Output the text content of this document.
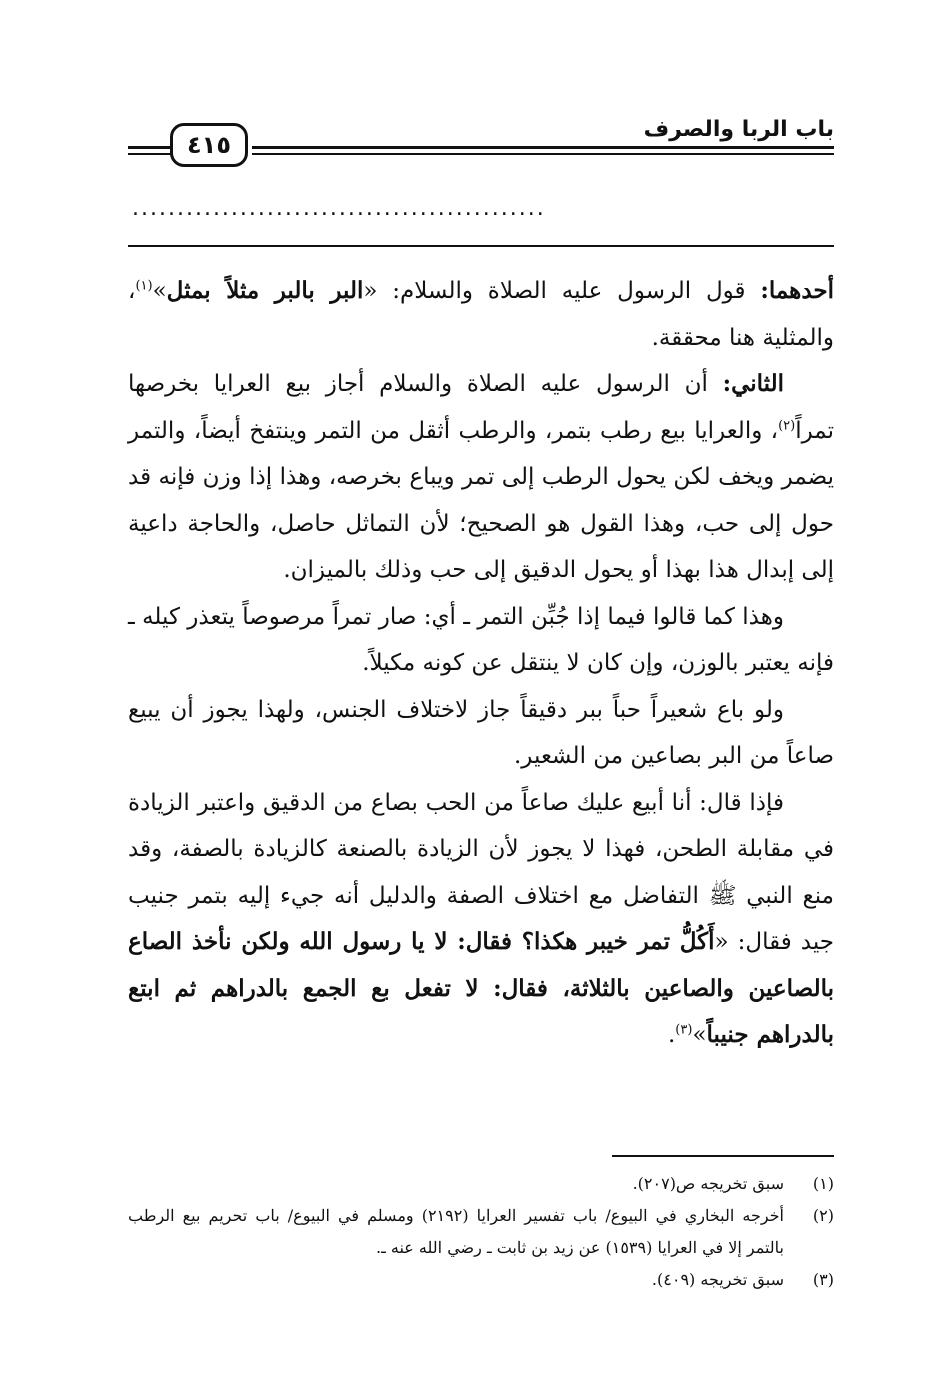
باب الربا والصرف
٤١٥
..............................................

أحدهما: قول الرسول عليه الصلاة والسلام: «البر بالبر مثلاً بمثل»$^{(١)}$، والمثلية هنا محققة.

الثاني: أن الرسول عليه الصلاة والسلام أجاز بيع العرايا بخرصها تمراً$^{(٢)}$، والعرايا بيع رطب بتمر، والرطب أثقل من التمر وينتفخ أيضاً، والتمر يضمر ويخف لكن يحول الرطب إلى تمر ويباع بخرصه، وهذا إذا وزن فإنه قد حول إلى حب، وهذا القول هو الصحيح؛ لأن التماثل حاصل، والحاجة داعية إلى إبدال هذا بهذا أو يحول الدقيق إلى حب وذلك بالميزان.

وهذا كما قالوا فيما إذا جُبِّن التمر ـ أي: صار تمراً مرصوصاً يتعذر كيله ـ فإنه يعتبر بالوزن، وإن كان لا ينتقل عن كونه مكيلاً.

ولو باع شعيراً حباً ببر دقيقاً جاز لاختلاف الجنس، ولهذا يجوز أن يبيع صاعاً من البر بصاعين من الشعير.

فإذا قال: أنا أبيع عليك صاعاً من الحب بصاع من الدقيق واعتبر الزيادة في مقابلة الطحن، فهذا لا يجوز لأن الزيادة بالصنعة كالزيادة بالصفة، وقد منع النبي ﷺ التفاضل مع اختلاف الصفة والدليل أنه جيء إليه بتمر جنيب جيد فقال: «أَكُلُّ تمر خيبر هكذا؟ فقال: لا يا رسول الله ولكن نأخذ الصاع بالصاعين والصاعين بالثلاثة، فقال: لا تفعل بع الجمع بالدراهم ثم ابتع بالدراهم جنيباً»$^{(٣)}$.

(١)
سبق تخريجه ص(٢٠٧).
(٢)
أخرجه البخاري في البيوع/ باب تفسير العرايا (٢١٩٢) ومسلم في البيوع/ باب تحريم بيع الرطب بالتمر إلا في العرايا (١٥٣٩) عن زيد بن ثابت ـ رضي الله عنه ـ.
(٣)
سبق تخريجه (٤٠٩).
